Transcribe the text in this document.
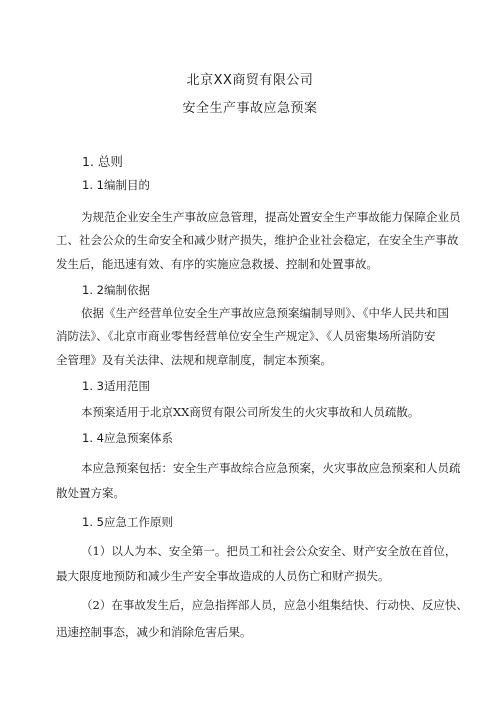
北京XX商贸有限公司
安全生产事故应急预案
1. 总则
1. 1编制目的
为规范企业安全生产事故应急管理，提高处置安全生产事故能力保障企业员
工、社会公众的生命安全和减少财产损失，维护企业社会稳定，在安全生产事故
发生后，能迅速有效、有序的实施应急救援、控制和处置事故。
1. 2编制依据
依据《生产经营单位安全生产事故应急预案编制导则》、《中华人民共和国
消防法》、《北京市商业零售经营单位安全生产规定》、《人员密集场所消防安
全管理》及有关法律、法规和规章制度，制定本预案。
1. 3适用范围
本预案适用于北京XX商贸有限公司所发生的火灾事故和人员疏散。
1. 4应急预案体系
本应急预案包括：安全生产事故综合应急预案，火灾事故应急预案和人员疏
散处置方案。
1. 5应急工作原则
（1）以人为本、安全第一。把员工和社会公众安全、财产安全放在首位，
最大限度地预防和减少生产安全事故造成的人员伤亡和财产损失。
（2）在事故发生后，应急指挥部人员，应急小组集结快、行动快、反应快、
迅速控制事态，减少和消除危害后果。
